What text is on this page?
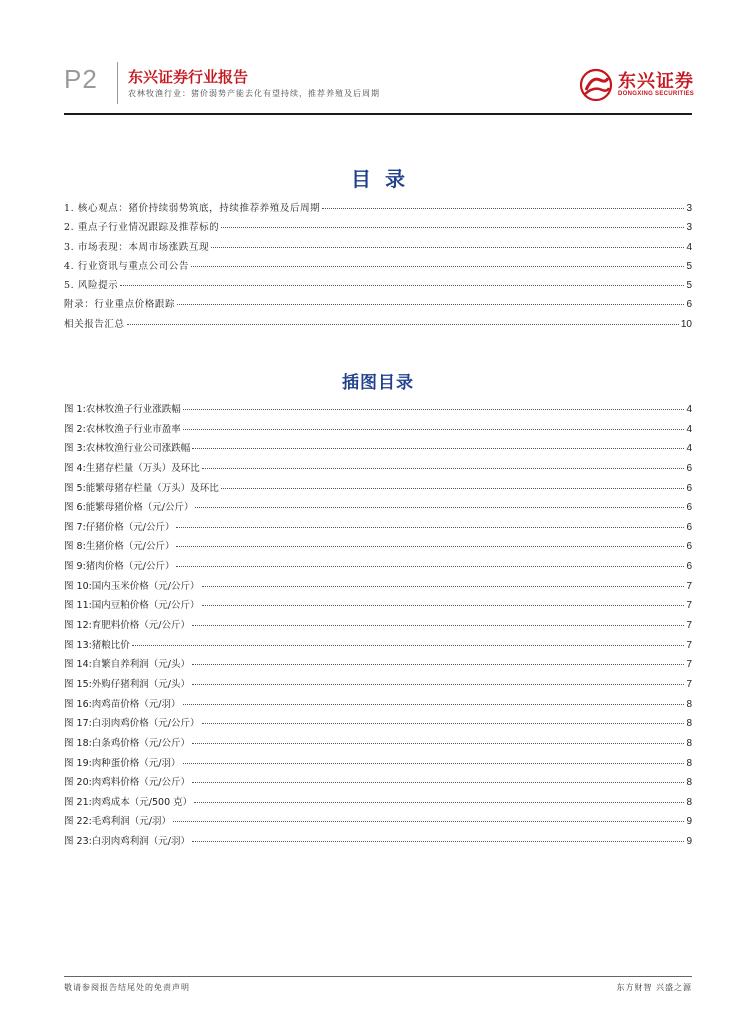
P2 东兴证券行业报告
农林牧渔行业：猪价弱势产能去化有望持续，推荐养殖及后周期
东兴证券
DONGXING SECURITIES
目录
1. 核心观点：猪价持续弱势筑底，持续推荐养殖及后周期	3
2. 重点子行业情况跟踪及推荐标的	3
3. 市场表现：本周市场涨跌互现	4
4. 行业资讯与重点公司公告	5
5. 风险提示	5
附录：行业重点价格跟踪	6
相关报告汇总	10
插图目录
图 1:农林牧渔子行业涨跌幅	4
图 2:农林牧渔子行业市盈率	4
图 3:农林牧渔行业公司涨跌幅	4
图 4:生猪存栏量（万头）及环比	6
图 5:能繁母猪存栏量（万头）及环比	6
图 6:能繁母猪价格（元/公斤）	6
图 7:仔猪价格（元/公斤）	6
图 8:生猪价格（元/公斤）	6
图 9:猪肉价格（元/公斤）	6
图 10:国内玉米价格（元/公斤）	7
图 11:国内豆粕价格（元/公斤）	7
图 12:育肥料价格（元/公斤）	7
图 13:猪粮比价	7
图 14:自繁自养利润（元/头）	7
图 15:外购仔猪利润（元/头）	7
图 16:肉鸡苗价格（元/羽）	8
图 17:白羽肉鸡价格（元/公斤）	8
图 18:白条鸡价格（元/公斤）	8
图 19:肉种蛋价格（元/羽）	8
图 20:肉鸡料价格（元/公斤）	8
图 21:肉鸡成本（元/500 克）	8
图 22:毛鸡利润（元/羽）	9
图 23:白羽肉鸡利润（元/羽）	9
敬请参阅报告结尾处的免责声明	东方财智 兴盛之源
